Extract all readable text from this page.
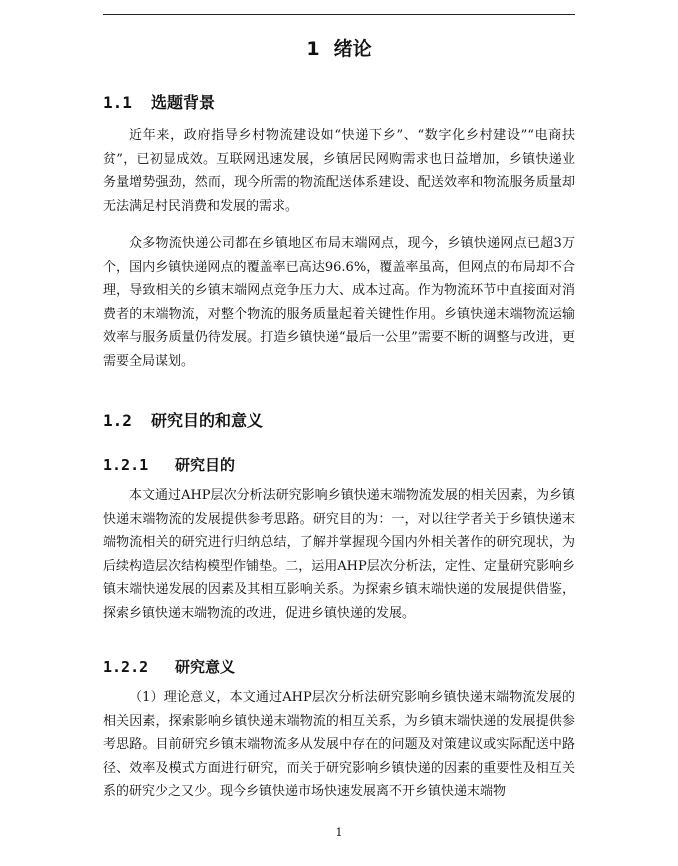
1 绪论
1.1 选题背景

近年来，政府指导乡村物流建设如“快递下乡”、“数字化乡村建设”“电商扶贫”，已初显成效。互联网迅速发展，乡镇居民网购需求也日益增加，乡镇快递业务量增势强劲，然而，现今所需的物流配送体系建设、配送效率和物流服务质量却无法满足村民消费和发展的需求。

众多物流快递公司都在乡镇地区布局末端网点，现今，乡镇快递网点已超3万个，国内乡镇快递网点的覆盖率已高达96.6%，覆盖率虽高，但网点的布局却不合理，导致相关的乡镇末端网点竞争压力大、成本过高。作为物流环节中直接面对消费者的末端物流，对整个物流的服务质量起着关键性作用。乡镇快递末端物流运输效率与服务质量仍待发展。打造乡镇快递“最后一公里”需要不断的调整与改进，更需要全局谋划。

1.2 研究目的和意义
1.2.1 研究目的

本文通过AHP层次分析法研究影响乡镇快递末端物流发展的相关因素，为乡镇快递末端物流的发展提供参考思路。研究目的为：一，对以往学者关于乡镇快递末端物流相关的研究进行归纳总结，了解并掌握现今国内外相关著作的研究现状，为后续构造层次结构模型作铺垫。二，运用AHP层次分析法，定性、定量研究影响乡镇末端快递发展的因素及其相互影响关系。为探索乡镇末端快递的发展提供借鉴，探索乡镇快递末端物流的改进，促进乡镇快递的发展。

1.2.2 研究意义

（1）理论意义，本文通过AHP层次分析法研究影响乡镇快递末端物流发展的相关因素，探索影响乡镇快递末端物流的相互关系，为乡镇末端快递的发展提供参考思路。目前研究乡镇末端物流多从发展中存在的问题及对策建议或实际配送中路径、效率及模式方面进行研究，而关于研究影响乡镇快递的因素的重要性及相互关系的研究少之又少。现今乡镇快递市场快速发展离不开乡镇快递末端物

1
